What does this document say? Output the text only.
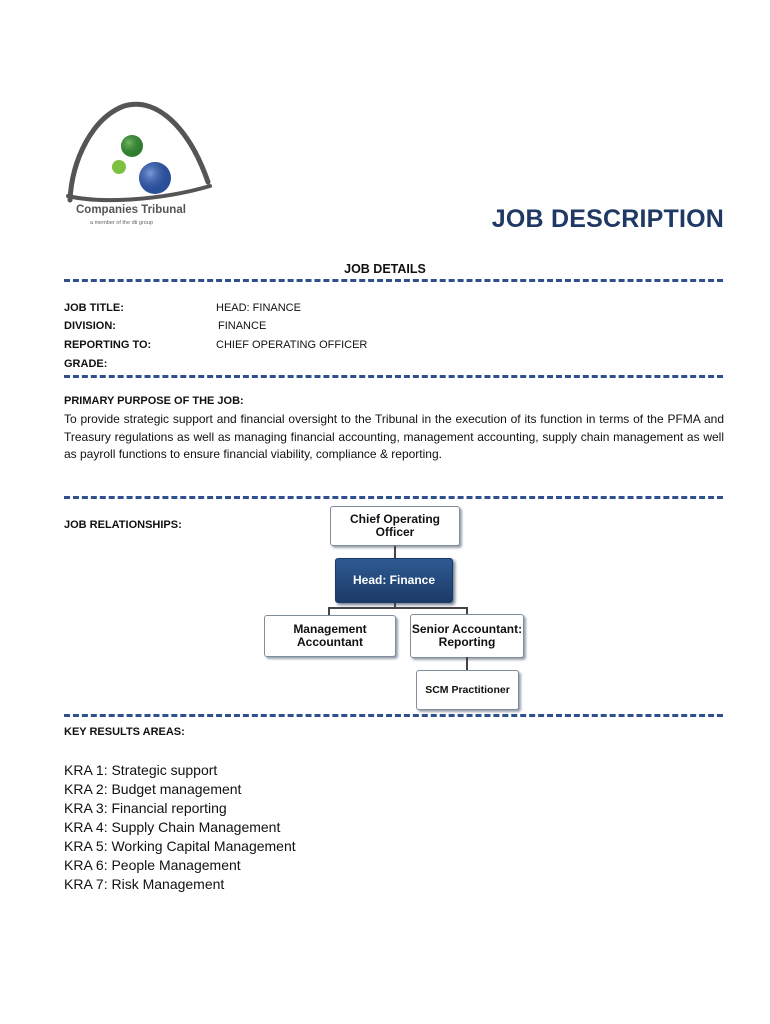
Companies Tribunal
a member of the dti group	JOB DESCRIPTION
JOB DETAILS
JOB TITLE:	HEAD: FINANCE
DIVISION:	FINANCE
REPORTING TO:	CHIEF OPERATING OFFICER
GRADE:
PRIMARY PURPOSE OF THE JOB:
To provide strategic support and financial oversight to the Tribunal in the execution of its function in terms of the PFMA and Treasury regulations as well as managing financial accounting, management accounting, supply chain management as well as payroll functions to ensure financial viability, compliance & reporting.
JOB RELATIONSHIPS:	Chief Operating Officer
Head: Finance
Management Accountant
Senior Accountant: Reporting
SCM Practitioner
KEY RESULTS AREAS:
KRA 1: Strategic support
KRA 2: Budget management
KRA 3: Financial reporting
KRA 4: Supply Chain Management
KRA 5: Working Capital Management
KRA 6: People Management
KRA 7: Risk Management
